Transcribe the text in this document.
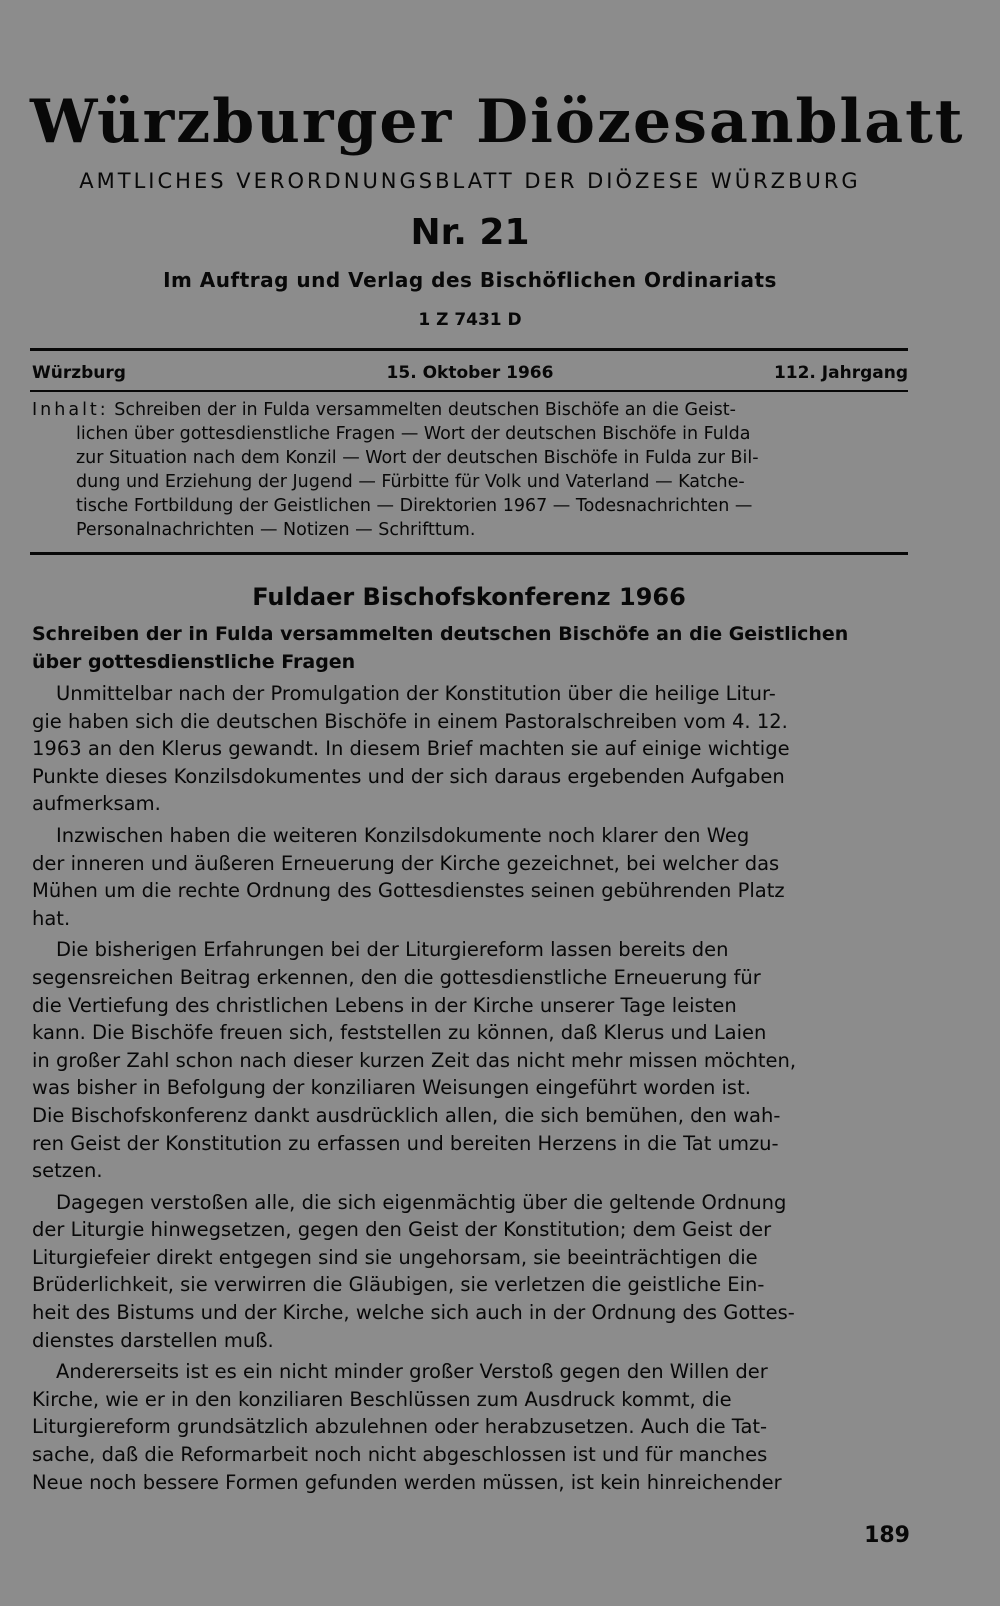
Würzburger Diözesanblatt
AMTLICHES VERORDNUNGSBLATT DER DIÖZESE WÜRZBURG
Nr. 21
Im Auftrag und Verlag des Bischöflichen Ordinariats
1 Z 7431 D
Würzburg	15. Oktober 1966	112. Jahrgang
Inhalt: Schreiben der in Fulda versammelten deutschen Bischöfe an die Geist-
lichen über gottesdienstliche Fragen — Wort der deutschen Bischöfe in Fulda
zur Situation nach dem Konzil — Wort der deutschen Bischöfe in Fulda zur Bil-
dung und Erziehung der Jugend — Fürbitte für Volk und Vaterland — Katche-
tische Fortbildung der Geistlichen — Direktorien 1967 — Todesnachrichten —
Personalnachrichten — Notizen — Schrifttum.
Fuldaer Bischofskonferenz 1966
Schreiben der in Fulda versammelten deutschen Bischöfe an die Geistlichen
über gottesdienstliche Fragen
Unmittelbar nach der Promulgation der Konstitution über die heilige Litur-
gie haben sich die deutschen Bischöfe in einem Pastoralschreiben vom 4. 12.
1963 an den Klerus gewandt. In diesem Brief machten sie auf einige wichtige
Punkte dieses Konzilsdokumentes und der sich daraus ergebenden Aufgaben
aufmerksam.
Inzwischen haben die weiteren Konzilsdokumente noch klarer den Weg
der inneren und äußeren Erneuerung der Kirche gezeichnet, bei welcher das
Mühen um die rechte Ordnung des Gottesdienstes seinen gebührenden Platz
hat.
Die bisherigen Erfahrungen bei der Liturgiereform lassen bereits den
segensreichen Beitrag erkennen, den die gottesdienstliche Erneuerung für
die Vertiefung des christlichen Lebens in der Kirche unserer Tage leisten
kann. Die Bischöfe freuen sich, feststellen zu können, daß Klerus und Laien
in großer Zahl schon nach dieser kurzen Zeit das nicht mehr missen möchten,
was bisher in Befolgung der konziliaren Weisungen eingeführt worden ist.
Die Bischofskonferenz dankt ausdrücklich allen, die sich bemühen, den wah-
ren Geist der Konstitution zu erfassen und bereiten Herzens in die Tat umzu-
setzen.
Dagegen verstoßen alle, die sich eigenmächtig über die geltende Ordnung
der Liturgie hinwegsetzen, gegen den Geist der Konstitution; dem Geist der
Liturgiefeier direkt entgegen sind sie ungehorsam, sie beeinträchtigen die
Brüderlichkeit, sie verwirren die Gläubigen, sie verletzen die geistliche Ein-
heit des Bistums und der Kirche, welche sich auch in der Ordnung des Gottes-
dienstes darstellen muß.
Andererseits ist es ein nicht minder großer Verstoß gegen den Willen der
Kirche, wie er in den konziliaren Beschlüssen zum Ausdruck kommt, die
Liturgiereform grundsätzlich abzulehnen oder herabzusetzen. Auch die Tat-
sache, daß die Reformarbeit noch nicht abgeschlossen ist und für manches
Neue noch bessere Formen gefunden werden müssen, ist kein hinreichender
189
